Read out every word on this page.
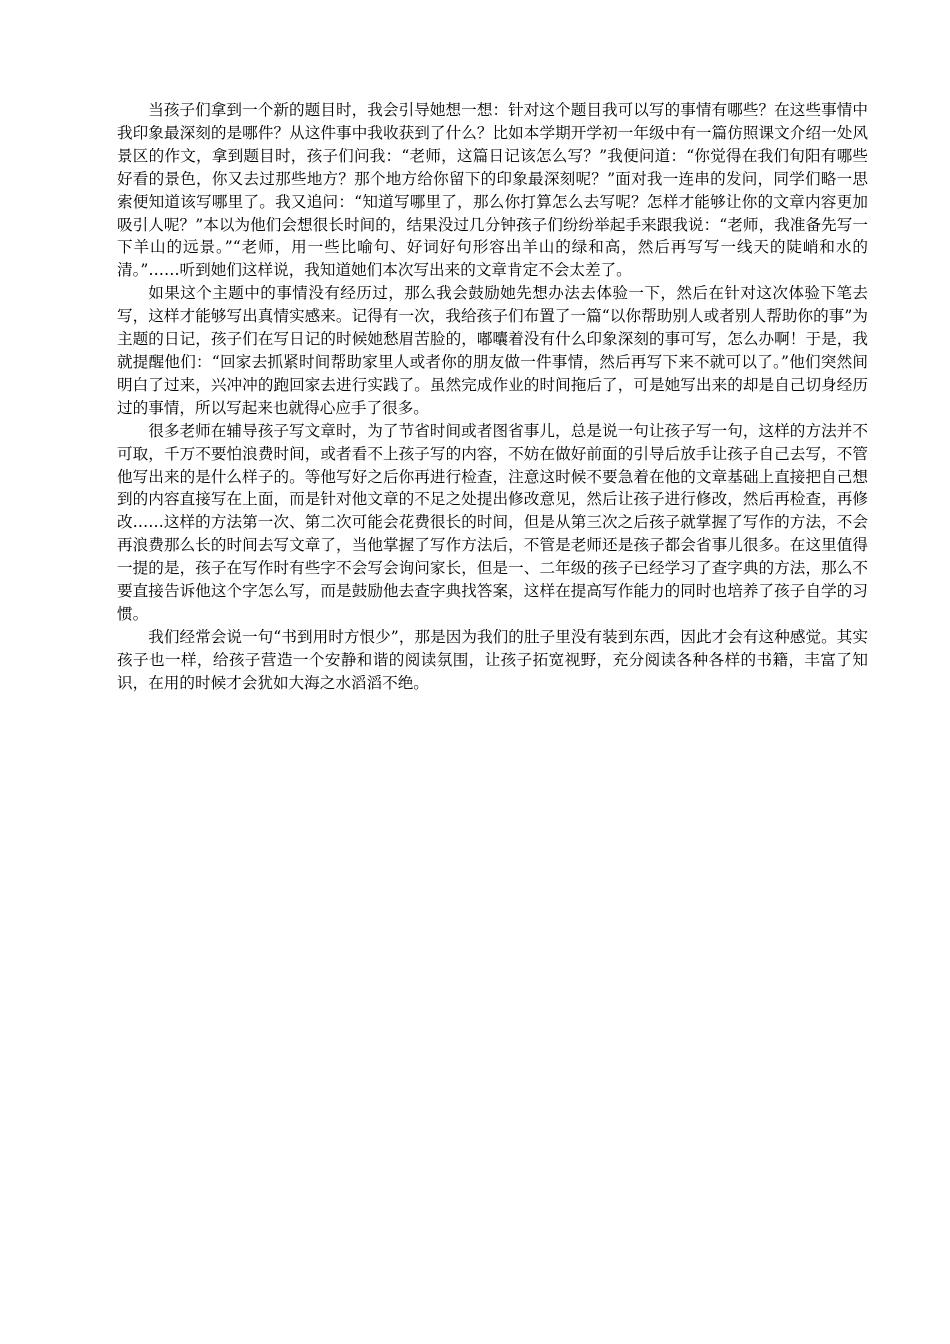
当孩子们拿到一个新的题目时，我会引导她想一想：针对这个题目我可以写的事情有哪些？在这些事情中我印象最深刻的是哪件？从这件事中我收获到了什么？比如本学期开学初一年级中有一篇仿照课文介绍一处风景区的作文，拿到题目时，孩子们问我：“老师，这篇日记该怎么写？”我便问道：“你觉得在我们旬阳有哪些好看的景色，你又去过那些地方？那个地方给你留下的印象最深刻呢？”面对我一连串的发问，同学们略一思索便知道该写哪里了。我又追问：“知道写哪里了，那么你打算怎么去写呢？怎样才能够让你的文章内容更加吸引人呢？”本以为他们会想很长时间的，结果没过几分钟孩子们纷纷举起手来跟我说：“老师，我准备先写一下羊山的远景。”“老师，用一些比喻句、好词好句形容出羊山的绿和高，然后再写写一线天的陡峭和水的清。”……听到她们这样说，我知道她们本次写出来的文章肯定不会太差了。

如果这个主题中的事情没有经历过，那么我会鼓励她先想办法去体验一下，然后在针对这次体验下笔去写，这样才能够写出真情实感来。记得有一次，我给孩子们布置了一篇“以你帮助别人或者别人帮助你的事”为主题的日记，孩子们在写日记的时候她愁眉苦脸的，嘟囔着没有什么印象深刻的事可写，怎么办啊！于是，我就提醒他们：“回家去抓紧时间帮助家里人或者你的朋友做一件事情，然后再写下来不就可以了。”他们突然间明白了过来，兴冲冲的跑回家去进行实践了。虽然完成作业的时间拖后了，可是她写出来的却是自己切身经历过的事情，所以写起来也就得心应手了很多。

很多老师在辅导孩子写文章时，为了节省时间或者图省事儿，总是说一句让孩子写一句，这样的方法并不可取，千万不要怕浪费时间，或者看不上孩子写的内容，不妨在做好前面的引导后放手让孩子自己去写，不管他写出来的是什么样子的。等他写好之后你再进行检查，注意这时候不要急着在他的文章基础上直接把自己想到的内容直接写在上面，而是针对他文章的不足之处提出修改意见，然后让孩子进行修改，然后再检查，再修改……这样的方法第一次、第二次可能会花费很长的时间，但是从第三次之后孩子就掌握了写作的方法，不会再浪费那么长的时间去写文章了，当他掌握了写作方法后，不管是老师还是孩子都会省事儿很多。在这里值得一提的是，孩子在写作时有些字不会写会询问家长，但是一、二年级的孩子已经学习了查字典的方法，那么不要直接告诉他这个字怎么写，而是鼓励他去查字典找答案，这样在提高写作能力的同时也培养了孩子自学的习惯。

我们经常会说一句“书到用时方恨少”，那是因为我们的肚子里没有装到东西，因此才会有这种感觉。其实孩子也一样，给孩子营造一个安静和谐的阅读氛围，让孩子拓宽视野，充分阅读各种各样的书籍，丰富了知识，在用的时候才会犹如大海之水滔滔不绝。
